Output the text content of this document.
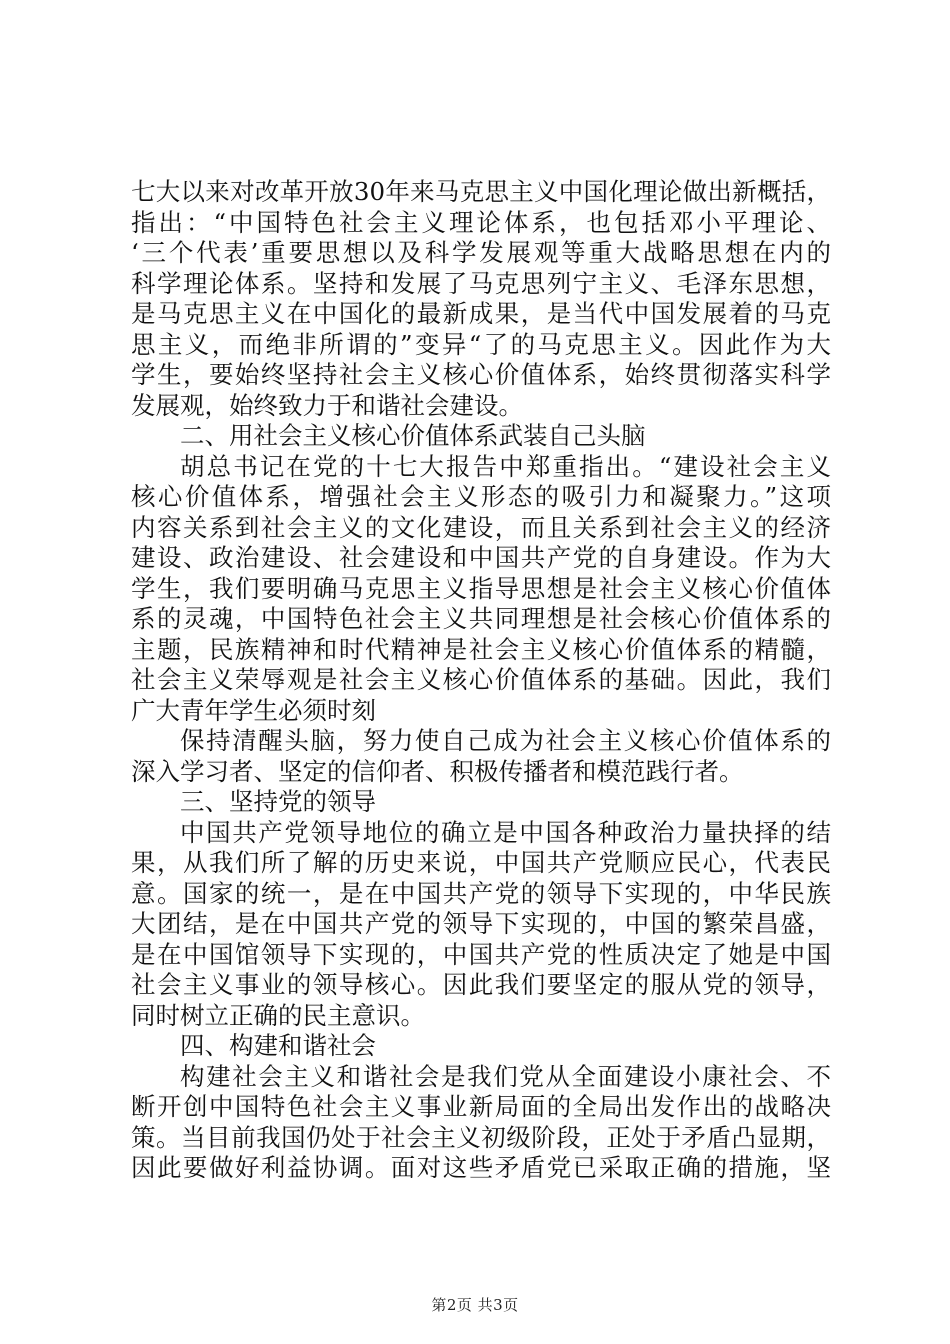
七大以来对改革开放30年来马克思主义中国化理论做出新概括，
指出：“中国特色社会主义理论体系，也包括邓小平理论、
‘三个代表’重要思想以及科学发展观等重大战略思想在内的
科学理论体系。坚持和发展了马克思列宁主义、毛泽东思想，
是马克思主义在中国化的最新成果，是当代中国发展着的马克
思主义，而绝非所谓的”变异“了的马克思主义。因此作为大
学生，要始终坚持社会主义核心价值体系，始终贯彻落实科学
发展观，始终致力于和谐社会建设。
二、用社会主义核心价值体系武装自己头脑
胡总书记在党的十七大报告中郑重指出。“建设社会主义
核心价值体系，增强社会主义形态的吸引力和凝聚力。”这项
内容关系到社会主义的文化建设，而且关系到社会主义的经济
建设、政治建设、社会建设和中国共产党的自身建设。作为大
学生，我们要明确马克思主义指导思想是社会主义核心价值体
系的灵魂，中国特色社会主义共同理想是社会核心价值体系的
主题，民族精神和时代精神是社会主义核心价值体系的精髓，
社会主义荣辱观是社会主义核心价值体系的基础。因此，我们
广大青年学生必须时刻
保持清醒头脑，努力使自己成为社会主义核心价值体系的
深入学习者、坚定的信仰者、积极传播者和模范践行者。
三、坚持党的领导
中国共产党领导地位的确立是中国各种政治力量抉择的结
果，从我们所了解的历史来说，中国共产党顺应民心，代表民
意。国家的统一，是在中国共产党的领导下实现的，中华民族
大团结，是在中国共产党的领导下实现的，中国的繁荣昌盛，
是在中国馆领导下实现的，中国共产党的性质决定了她是中国
社会主义事业的领导核心。因此我们要坚定的服从党的领导，
同时树立正确的民主意识。
四、构建和谐社会
构建社会主义和谐社会是我们党从全面建设小康社会、不
断开创中国特色社会主义事业新局面的全局出发作出的战略决
策。当目前我国仍处于社会主义初级阶段，正处于矛盾凸显期，
因此要做好利益协调。面对这些矛盾党已采取正确的措施，坚
第2页 共3页
